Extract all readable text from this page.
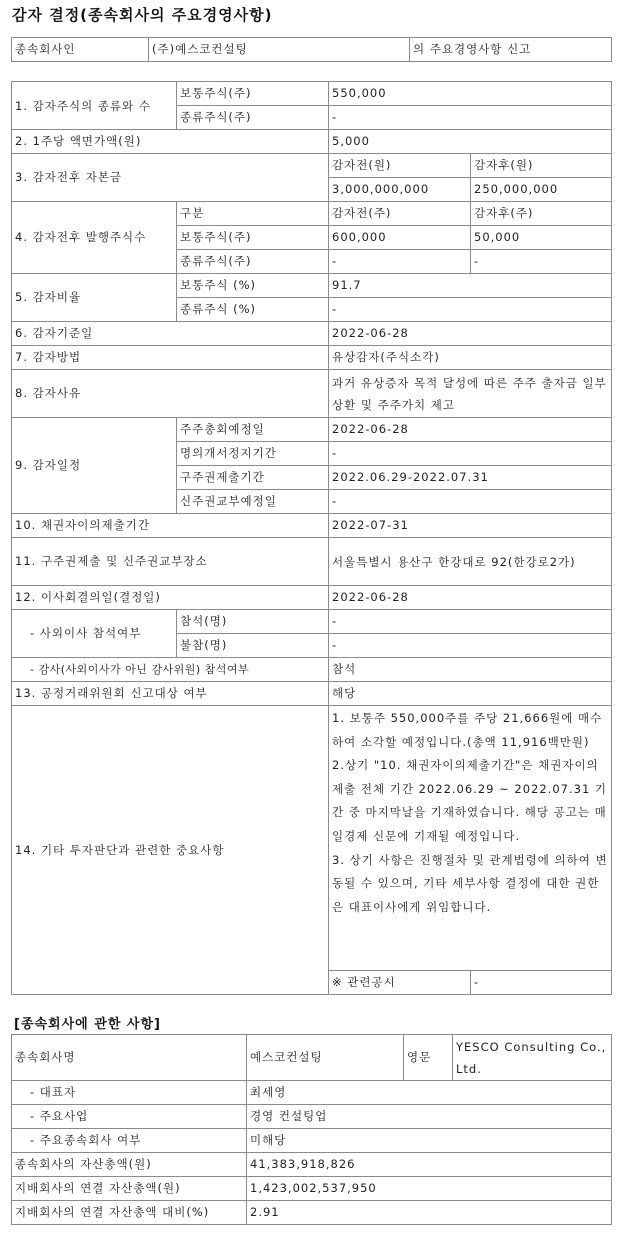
감자 결정(종속회사의 주요경영사항)
종속회사인	(주)예스코컨설팅	의 주요경영사항 신고
1. 감자주식의 종류와 수	보통주식(주)	550,000	
	종류주식(주)	-	
2. 1주당 액면가액(원)		5,000	
3. 감자전후 자본금		감자전(원)	감자후(원)
		3,000,000,000	250,000,000
4. 감자전후 발행주식수	구분	감자전(주)	감자후(주)
	보통주식(주)	600,000	50,000
	종류주식(주)	-	-
5. 감자비율	보통주식 (%)	91.7	
	종류주식 (%)	-	
6. 감자기준일		2022-06-28	
7. 감자방법		유상감자(주식소각)	
8. 감자사유		과거 유상증자 목적 달성에 따른 주주 출자금 일부 상환 및 주주가치 제고	
9. 감자일정	주주총회예정일	2022-06-28	
	명의개서정지기간	-	
	구주권제출기간	2022.06.29-2022.07.31	
	신주권교부예정일	-	
10. 채권자이의제출기간		2022-07-31	
11. 구주권제출 및 신주권교부장소		서울특별시 용산구 한강대로 92(한강로2가)	
12. 이사회결의일(결정일)		2022-06-28	
- 사외이사 참석여부	참석(명)	-	
	불참(명)	-	
- 감사(사외이사가 아닌 감사위원) 참석여부		참석	
13. 공정거래위원회 신고대상 여부		해당	
14. 기타 투자판단과 관련한 중요사항		1. 보통주 550,000주를 주당 21,666원에 매수하여 소각할 예정입니다.(총액 11,916백만원)
2.상기 "10. 채권자이의제출기간"은 채권자이의제출 전체 기간 2022.06.29 ~ 2022.07.31 기간 중 마지막날을 기재하였습니다. 해당 공고는 매일경제 신문에 기재될 예정입니다.
3. 상기 사항은 진행절차 및 관계법령에 의하여 변동될 수 있으며, 기타 세부사항 결정에 대한 권한은 대표이사에게 위임합니다.	

		※ 관련공시	-
[종속회사에 관한 사항]
종속회사명	예스코컨설팅	영문	YESCO Consulting Co., Ltd.
- 대표자	최세영		
- 주요사업	경영 컨설팅업		
- 주요종속회사 여부	미해당		
종속회사의 자산총액(원)	41,383,918,826		
지배회사의 연결 자산총액(원)	1,423,002,537,950		
지배회사의 연결 자산총액 대비(%)	2.91		
